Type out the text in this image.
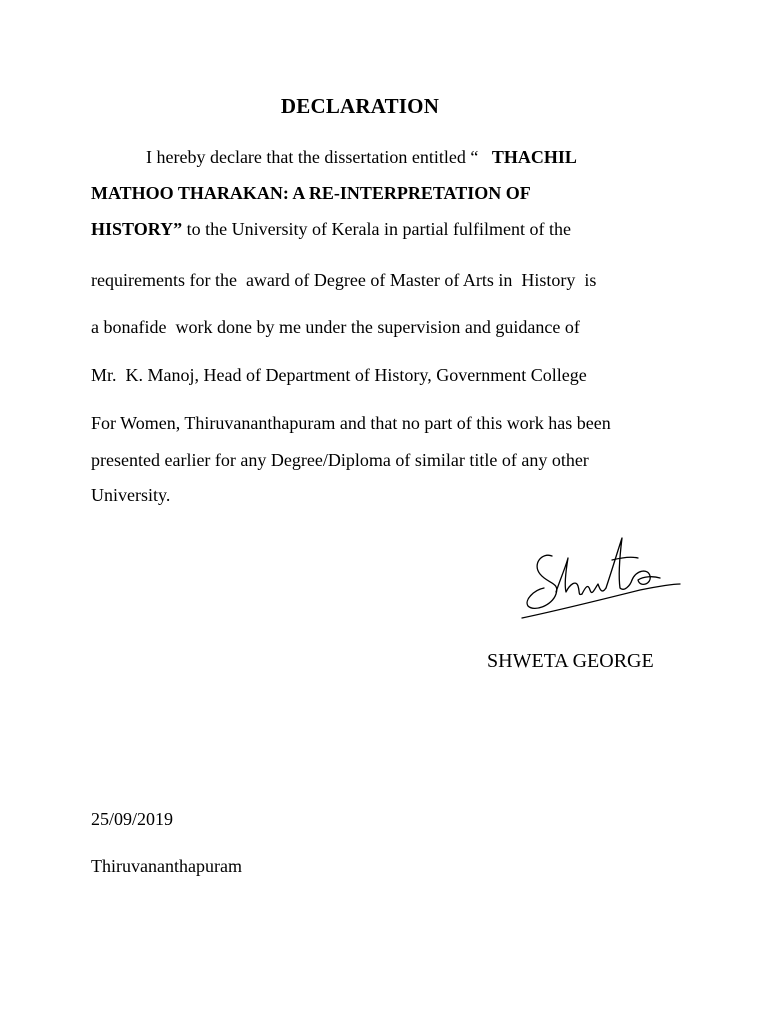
DECLARATION
I hereby declare that the dissertation entitled “   THACHIL
MATHOO THARAKAN: A RE-INTERPRETATION OF
HISTORY” to the University of Kerala in partial fulfilment of the
requirements for the  award of Degree of Master of Arts in  History  is
a bonafide  work done by me under the supervision and guidance of
Mr.  K. Manoj, Head of Department of History, Government College
For Women, Thiruvananthapuram and that no part of this work has been
presented earlier for any Degree/Diploma of similar title of any other
University.
SHWETA GEORGE
25/09/2019
Thiruvananthapuram
